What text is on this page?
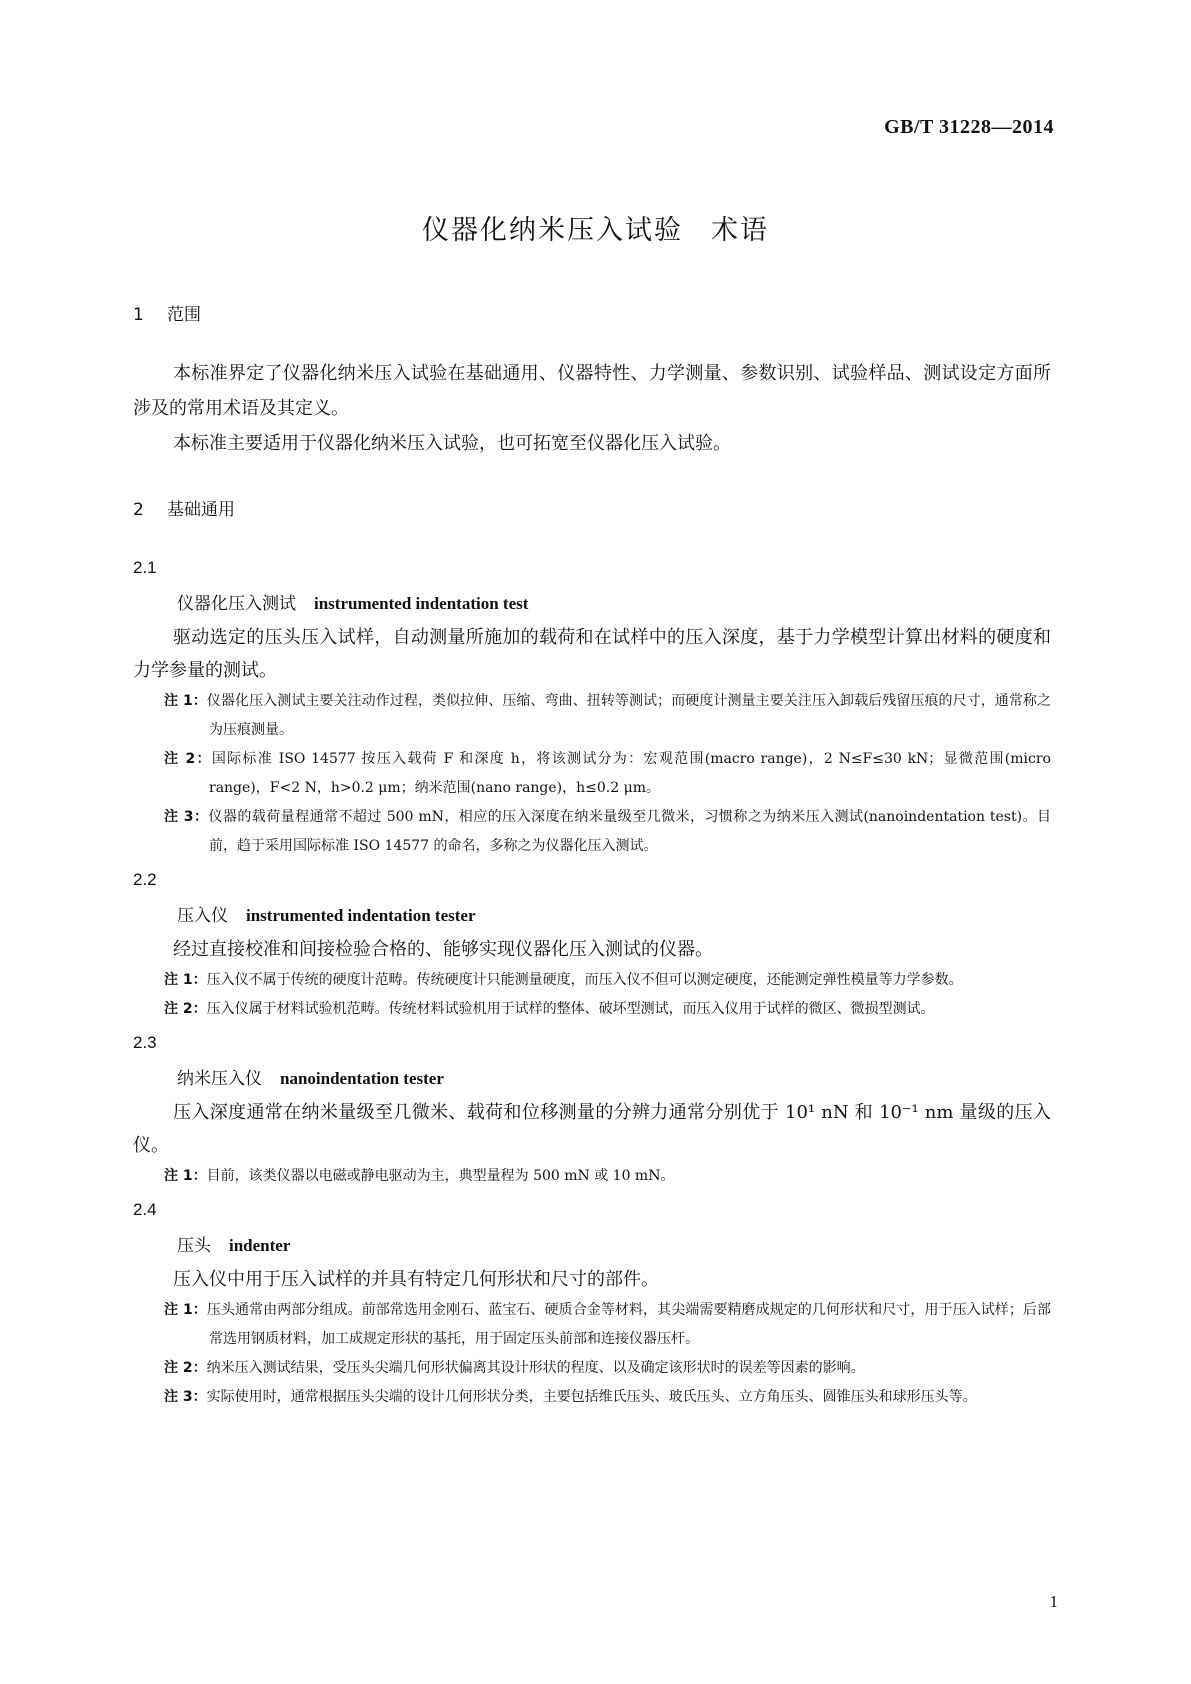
GB/T 31228—2014
仪器化纳米压入试验 术语
1 范围

本标准界定了仪器化纳米压入试验在基础通用、仪器特性、力学测量、参数识别、试验样品、测试设定方面所涉及的常用术语及其定义。

本标准主要适用于仪器化纳米压入试验，也可拓宽至仪器化压入试验。

2 基础通用
2.1
仪器化压入测试 instrumented indentation test

驱动选定的压头压入试样，自动测量所施加的载荷和在试样中的压入深度，基于力学模型计算出材料的硬度和力学参量的测试。

注 1：仪器化压入测试主要关注动作过程，类似拉伸、压缩、弯曲、扭转等测试；而硬度计测量主要关注压入卸载后残留压痕的尺寸，通常称之为压痕测量。

注 2：国际标准 ISO 14577 按压入载荷 F 和深度 h，将该测试分为：宏观范围(macro range)，2 N≤F≤30 kN；显微范围(micro range)，F<2 N，h>0.2 μm；纳米范围(nano range)，h≤0.2 μm。

注 3：仪器的载荷量程通常不超过 500 mN，相应的压入深度在纳米量级至几微米，习惯称之为纳米压入测试(nanoindentation test)。目前，趋于采用国际标准 ISO 14577 的命名，多称之为仪器化压入测试。

2.2
压入仪 instrumented indentation tester

经过直接校准和间接检验合格的、能够实现仪器化压入测试的仪器。

注 1：压入仪不属于传统的硬度计范畴。传统硬度计只能测量硬度，而压入仪不但可以测定硬度，还能测定弹性模量等力学参数。

注 2：压入仪属于材料试验机范畴。传统材料试验机用于试样的整体、破坏型测试，而压入仪用于试样的微区、微损型测试。

2.3
纳米压入仪 nanoindentation tester

压入深度通常在纳米量级至几微米、载荷和位移测量的分辨力通常分别优于 10¹ nN 和 10⁻¹ nm 量级的压入仪。

注 1：目前，该类仪器以电磁或静电驱动为主，典型量程为 500 mN 或 10 mN。

2.4
压头 indenter

压入仪中用于压入试样的并具有特定几何形状和尺寸的部件。

注 1：压头通常由两部分组成。前部常选用金刚石、蓝宝石、硬质合金等材料，其尖端需要精磨成规定的几何形状和尺寸，用于压入试样；后部常选用钢质材料，加工成规定形状的基托，用于固定压头前部和连接仪器压杆。

注 2：纳米压入测试结果，受压头尖端几何形状偏离其设计形状的程度、以及确定该形状时的误差等因素的影响。

注 3：实际使用时，通常根据压头尖端的设计几何形状分类，主要包括维氏压头、玻氏压头、立方角压头、圆锥压头和球形压头等。

1
